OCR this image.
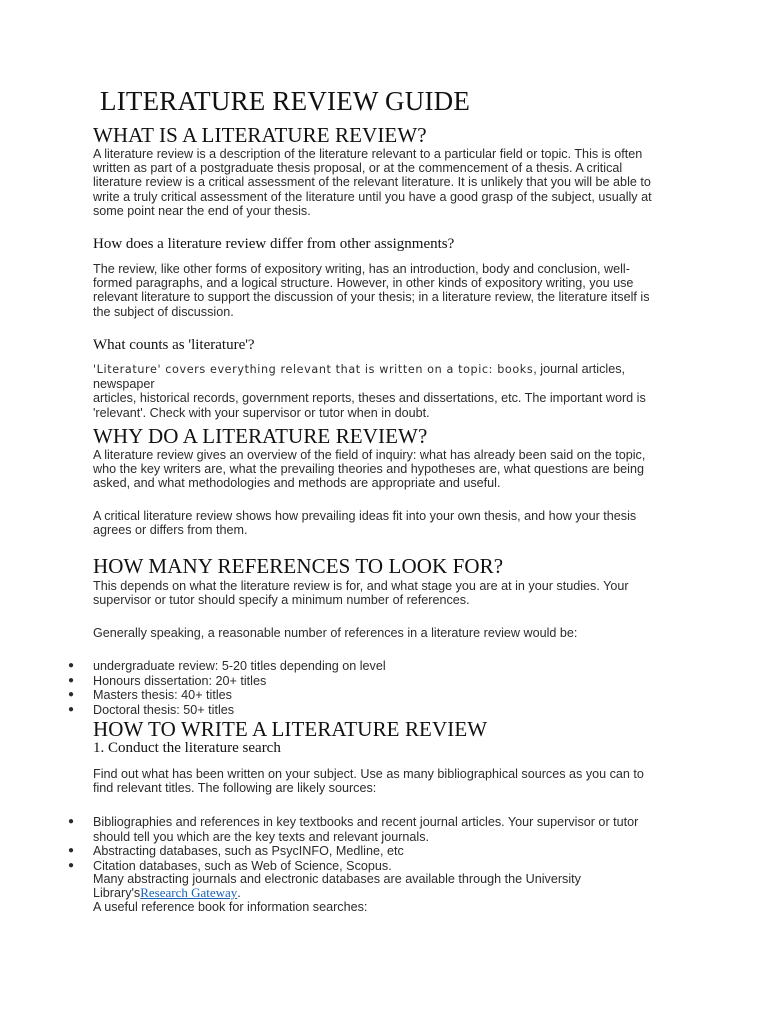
LITERATURE REVIEW GUIDE
WHAT IS A LITERATURE REVIEW?
A literature review is a description of the literature relevant to a particular field or topic. This is often
written as part of a postgraduate thesis proposal, or at the commencement of a thesis. A critical
literature review is a critical assessment of the relevant literature. It is unlikely that you will be able to
write a truly critical assessment of the literature until you have a good grasp of the subject, usually at
some point near the end of your thesis.
How does a literature review differ from other assignments?
The review, like other forms of expository writing, has an introduction, body and conclusion, well-
formed paragraphs, and a logical structure. However, in other kinds of expository writing, you use
relevant literature to support the discussion of your thesis; in a literature review, the literature itself is
the subject of discussion.
What counts as 'literature'?
'Literature' covers everything relevant that is written on a topic: books, journal articles, newspaper
articles, historical records, government reports, theses and dissertations, etc. The important word is
'relevant'. Check with your supervisor or tutor when in doubt.
WHY DO A LITERATURE REVIEW?
A literature review gives an overview of the field of inquiry: what has already been said on the topic,
who the key writers are, what the prevailing theories and hypotheses are, what questions are being
asked, and what methodologies and methods are appropriate and useful.
A critical literature review shows how prevailing ideas fit into your own thesis, and how your thesis
agrees or differs from them.
HOW MANY REFERENCES TO LOOK FOR?
This depends on what the literature review is for, and what stage you are at in your studies. Your
supervisor or tutor should specify a minimum number of references.
Generally speaking, a reasonable number of references in a literature review would be:
● undergraduate review: 5-20 titles depending on level
● Honours dissertation: 20+ titles
● Masters thesis: 40+ titles
● Doctoral thesis: 50+ titles
HOW TO WRITE A LITERATURE REVIEW
1. Conduct the literature search
Find out what has been written on your subject. Use as many bibliographical sources as you can to
find relevant titles. The following are likely sources:
● Bibliographies and references in key textbooks and recent journal articles. Your supervisor or tutor
should tell you which are the key texts and relevant journals.
● Abstracting databases, such as PsycINFO, Medline, etc
● Citation databases, such as Web of Science, Scopus.
Many abstracting journals and electronic databases are available through the University
Library'sResearch Gateway.
A useful reference book for information searches:
